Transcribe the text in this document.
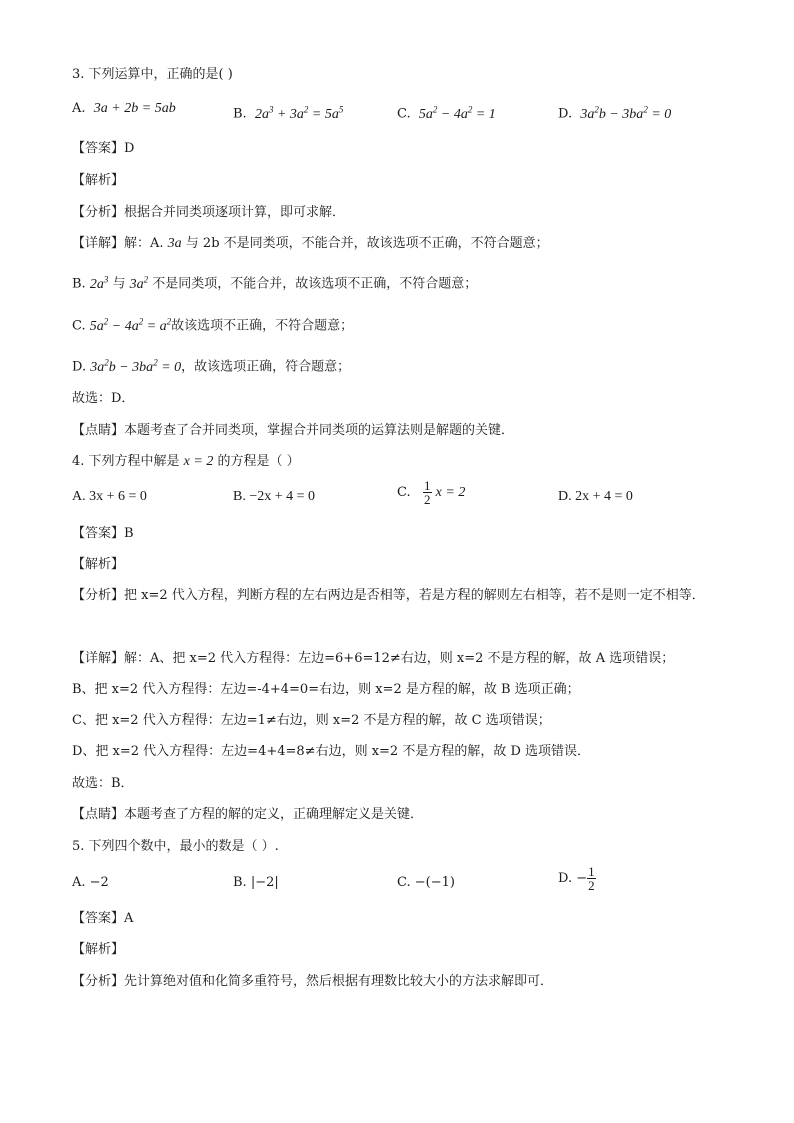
3. 下列运算中，正确的是( )
A. 3a + 2b = 5ab	B. $2a^3 + 3a^2 = 5a^5$	C. $5a^2 - 4a^2 = 1$	D. $3a^2b - 3ba^2 = 0$
【答案】D
【解析】
【分析】根据合并同类项逐项计算，即可求解．
【详解】解：A. 3a 与 2b 不是同类项，不能合并，故该选项不正确，不符合题意；
B. $2a^3$ 与 $3a^2$ 不是同类项，不能合并，故该选项不正确，不符合题意；
C. $5a^2 - 4a^2 = a^2$故该选项不正确，不符合题意；
D. $3a^2b - 3ba^2 = 0$，故该选项正确，符合题意；
故选：D．
【点睛】本题考查了合并同类项，掌握合并同类项的运算法则是解题的关键．
4. 下列方程中解是 x = 2 的方程是（ ）
A. 3x + 6 = 0	B. −2x + 4 = 0	C. $\frac{1}{2}$ x = 2	D. 2x + 4 = 0
【答案】B
【解析】
【分析】把 x=2 代入方程，判断方程的左右两边是否相等，若是方程的解则左右相等，若不是则一定不相等．
【详解】解：A、把 x=2 代入方程得：左边=6+6=12≠右边，则 x=2 不是方程的解，故 A 选项错误；
B、把 x=2 代入方程得：左边=-4+4=0=右边，则 x=2 是方程的解，故 B 选项正确；
C、把 x=2 代入方程得：左边=1≠右边，则 x=2 不是方程的解，故 C 选项错误；
D、把 x=2 代入方程得：左边=4+4=8≠右边，则 x=2 不是方程的解，故 D 选项错误．
故选：B．
【点睛】本题考查了方程的解的定义，正确理解定义是关键．
5. 下列四个数中，最小的数是（ ）.
A. −2	B. |−2|	C. −(−1)	D. − $\frac{1}{2}$
【答案】A
【解析】
【分析】先计算绝对值和化简多重符号，然后根据有理数比较大小的方法求解即可．
